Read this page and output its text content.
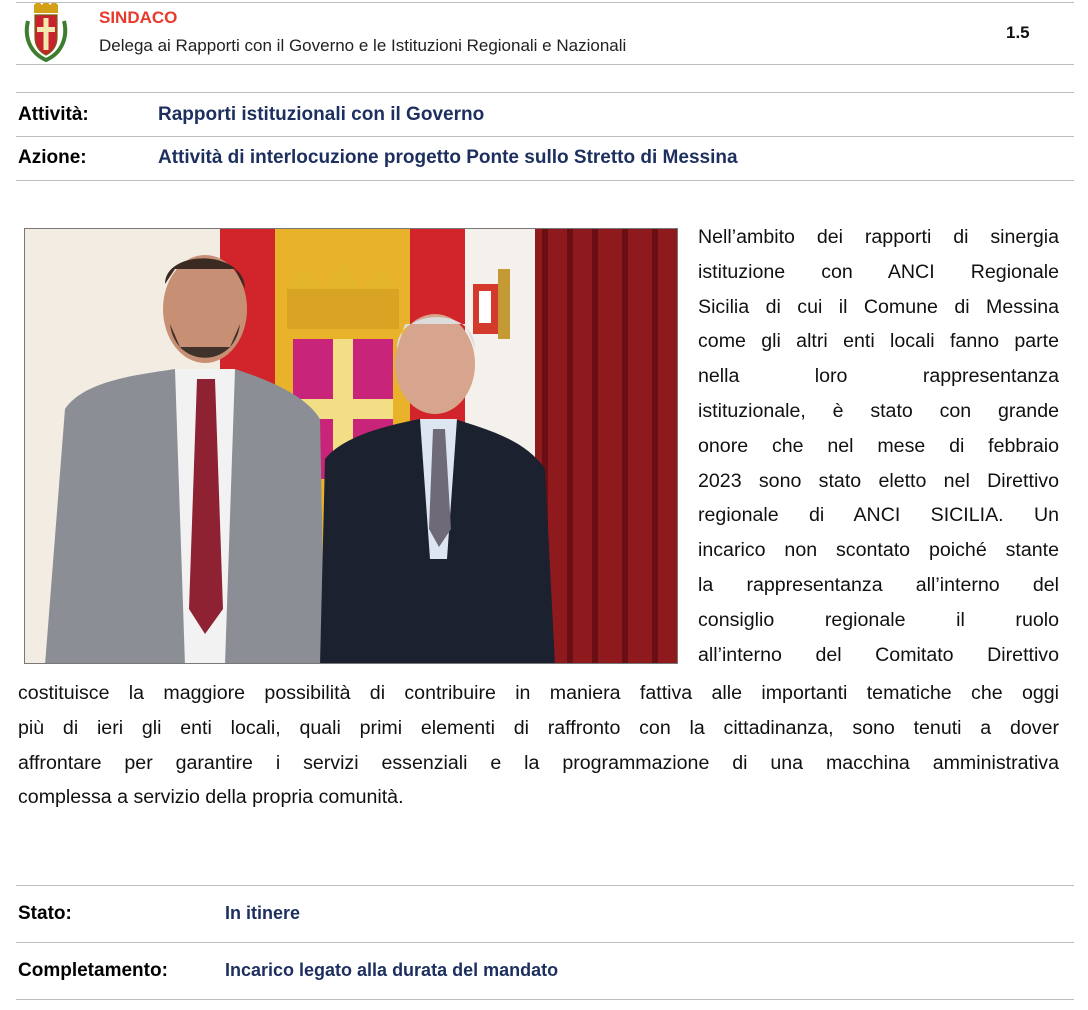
SINDACO
Delega ai Rapporti con il Governo e le Istituzioni Regionali e Nazionali
1.5
Attività:	Rapporti istituzionali con il Governo
Azione:	Attività di interlocuzione progetto Ponte sullo Stretto di Messina
Nell’ambito dei rapporti di sinergia
istituzione con ANCI Regionale
Sicilia di cui il Comune di Messina
come gli altri enti locali fanno parte
nella loro rappresentanza
istituzionale, è stato con grande
onore che nel mese di febbraio
2023 sono stato eletto nel Direttivo
regionale di ANCI SICILIA. Un
incarico non scontato poiché stante
la rappresentanza all’interno del
consiglio regionale il ruolo
all’interno del Comitato Direttivo
costituisce la maggiore possibilità di contribuire in maniera fattiva alle importanti tematiche che oggi
più di ieri gli enti locali, quali primi elementi di raffronto con la cittadinanza, sono tenuti a dover
affrontare per garantire i servizi essenziali e la programmazione di una macchina amministrativa
complessa a servizio della propria comunità.
Stato:	In itinere
Completamento:	Incarico legato alla durata del mandato
